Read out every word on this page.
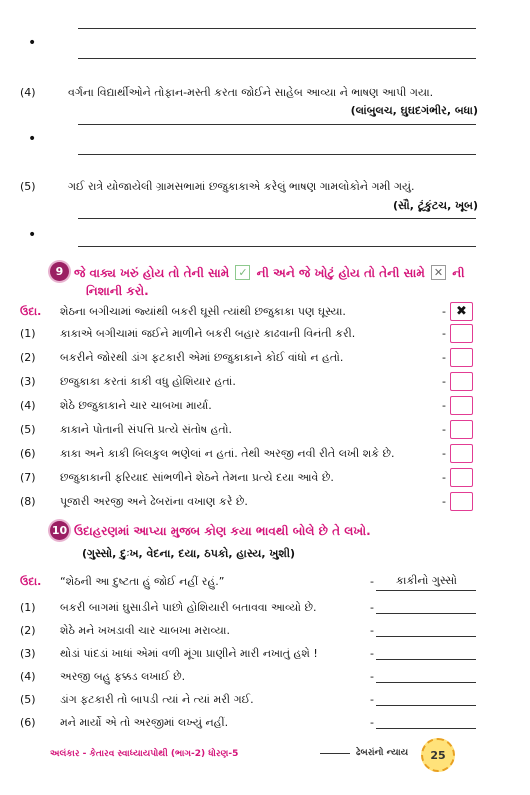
•
(4)	વર્ગના વિદ્યાર્થીઓને તોફાન-મસ્તી કરતા જોઈને સાહેબ આવ્યા ને ભાષણ આપી ગયા.
(લાંબુલચ, ઘુઘદગંભીર, બધા)
•
(5)	ગઈ રાત્રે યોજાયેલી ગ્રામસભામાં છજુકાકાએ કરેલું ભાષણ ગામલોકોને ગમી ગયું.
(સૌ, ટૂંકુંટચ, ખૂબ)
•
9 જે વાક્ય ખરું હોય તો તેની સામે ✓ ની અને જે ખોટું હોય તો તેની સામે ✕ ની
નિશાની કરો.
ઉદા. શેઠના બગીચામાં જ્યાંથી બકરી ઘૂસી ત્યાંથી છજુકાકા પણ ઘૂસ્યા.	- ✖
(1) કાકાએ બગીચામાં જઈને માળીને બકરી બહાર કાઢવાની વિનંતી કરી.	-
(2) બકરીને જોરથી ડાંગ ફટકારી એમાં છજુકાકાને કોઈ વાંધો ન હતો.	-
(3) છજુકાકા કરતાં કાકી વધુ હોશિયાર હતાં.	-
(4) શેઠે છજુકાકાને ચાર ચાબખા માર્યા.	-
(5) કાકાને પોતાની સંપત્તિ પ્રત્યે સંતોષ હતો.	-
(6) કાકા અને કાકી બિલકુલ ભણેલાં ન હતાં. તેથી અરજી નવી રીતે લખી શકે છે.	-
(7) છજુકાકાની ફરિયાદ સાંભળીને શેઠને તેમના પ્રત્યે દયા આવે છે.	-
(8) પૂજારી અરજી અને ઢેબરાંના વખાણ કરે છે.	-
10 ઉદાહરણમાં આપ્યા મુજબ કોણ કયા ભાવથી બોલે છે તે લખો.
(ગુસ્સો, દુઃખ, વેદના, દયા, ઠપકો, હાસ્ય, ખુશી)
ઉદા. “શેઠની આ દુષ્ટતા હું જોઈ નહીં રહું.”	- કાકીનો ગુસ્સો
(1) બકરી બાગમાં ઘુસાડીને પાછો હોશિયારી બતાવવા આવ્યો છે.	-
(2) શેઠે મને ખખડાવી ચાર ચાબખા મરાવ્યા.	-
(3) થોડાં પાંદડાં ખાધાં એમાં વળી મૂંગા પ્રાણીને મારી નખાતું હશે !	-
(4) અરજી બહુ ફક્કડ લખાઈ છે.	-
(5) ડાંગ ફટકારી તો બાપડી ત્યાં ને ત્યાં મરી ગઈ.	-
(6) મને માર્યો એ તો અરજીમાં લખ્યું નહીં.	-
અલંકાર - કેતારવ સ્વાધ્યાયપોથી (ભાગ-2) ધોરણ-5	ઢેબરાંનો ન્યાય	25
